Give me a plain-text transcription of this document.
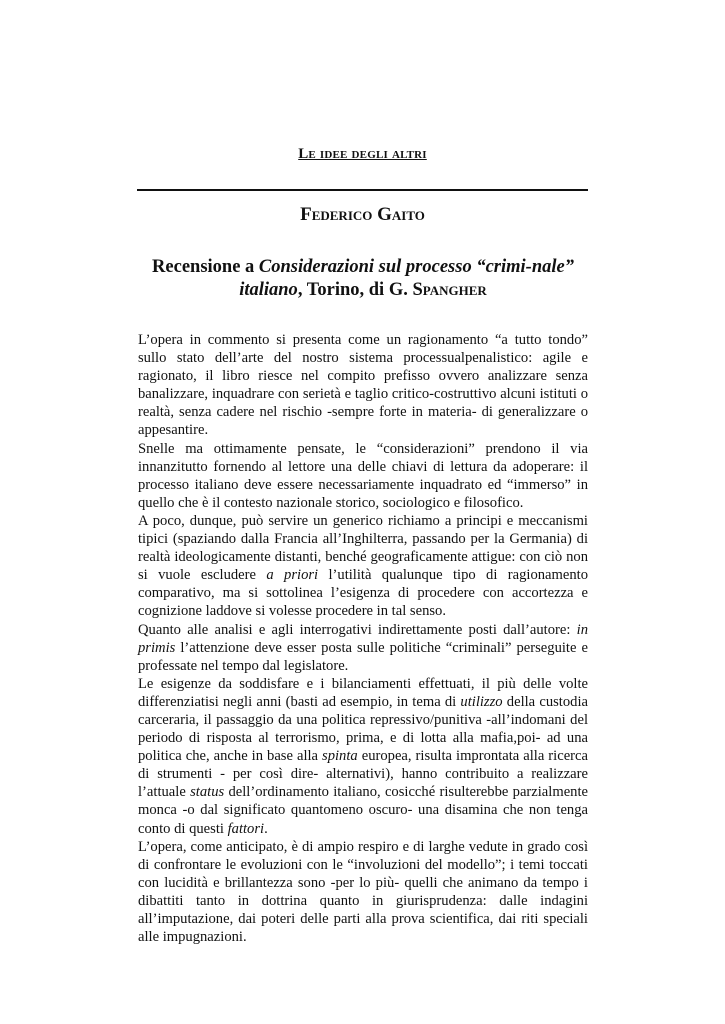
Le idee degli altri
Federico Gaito
Recensione a Considerazioni sul processo “crimi-nale” italiano, Torino, di G. Spangher

L’opera in commento si presenta come un ragionamento “a tutto tondo” sullo stato dell’arte del nostro sistema processualpenalistico: agile e ragionato, il libro riesce nel compito prefisso ovvero analizzare senza banalizzare, inquadrare con serietà e taglio critico-costruttivo alcuni istituti o realtà, senza cadere nel rischio -sempre forte in materia- di generalizzare o appesantire.

Snelle ma ottimamente pensate, le “considerazioni” prendono il via innanzitutto fornendo al lettore una delle chiavi di lettura da adoperare: il processo italiano deve essere necessariamente inquadrato ed “immerso” in quello che è il contesto nazionale storico, sociologico e filosofico.

A poco, dunque, può servire un generico richiamo a principi e meccanismi tipici (spaziando dalla Francia all’Inghilterra, passando per la Germania) di realtà ideologicamente distanti, benché geograficamente attigue: con ciò non si vuole escludere a priori l’utilità qualunque tipo di ragionamento comparativo, ma si sottolinea l’esigenza di procedere con accortezza e cognizione laddove si volesse procedere in tal senso.

Quanto alle analisi e agli interrogativi indirettamente posti dall’autore: in primis l’attenzione deve esser posta sulle politiche “criminali” perseguite e professate nel tempo dal legislatore.

Le esigenze da soddisfare e i bilanciamenti effettuati, il più delle volte differenziatisi negli anni (basti ad esempio, in tema di utilizzo della custodia carceraria, il passaggio da una politica repressivo/punitiva -all’indomani del periodo di risposta al terrorismo, prima, e di lotta alla mafia,poi- ad una politica che, anche in base alla spinta europea, risulta improntata alla ricerca di strumenti - per così dire- alternativi), hanno contribuito a realizzare l’attuale status dell’ordinamento italiano, cosicché risulterebbe parzialmente monca -o dal significato quantomeno oscuro- una disamina che non tenga conto di questi fattori.

L’opera, come anticipato, è di ampio respiro e di larghe vedute in grado così di confrontare le evoluzioni con le “involuzioni del modello”; i temi toccati con lucidità e brillantezza sono -per lo più- quelli che animano da tempo i dibattiti tanto in dottrina quanto in giurisprudenza: dalle indagini all’imputazione, dai poteri delle parti alla prova scientifica, dai riti speciali alle impugnazioni.
